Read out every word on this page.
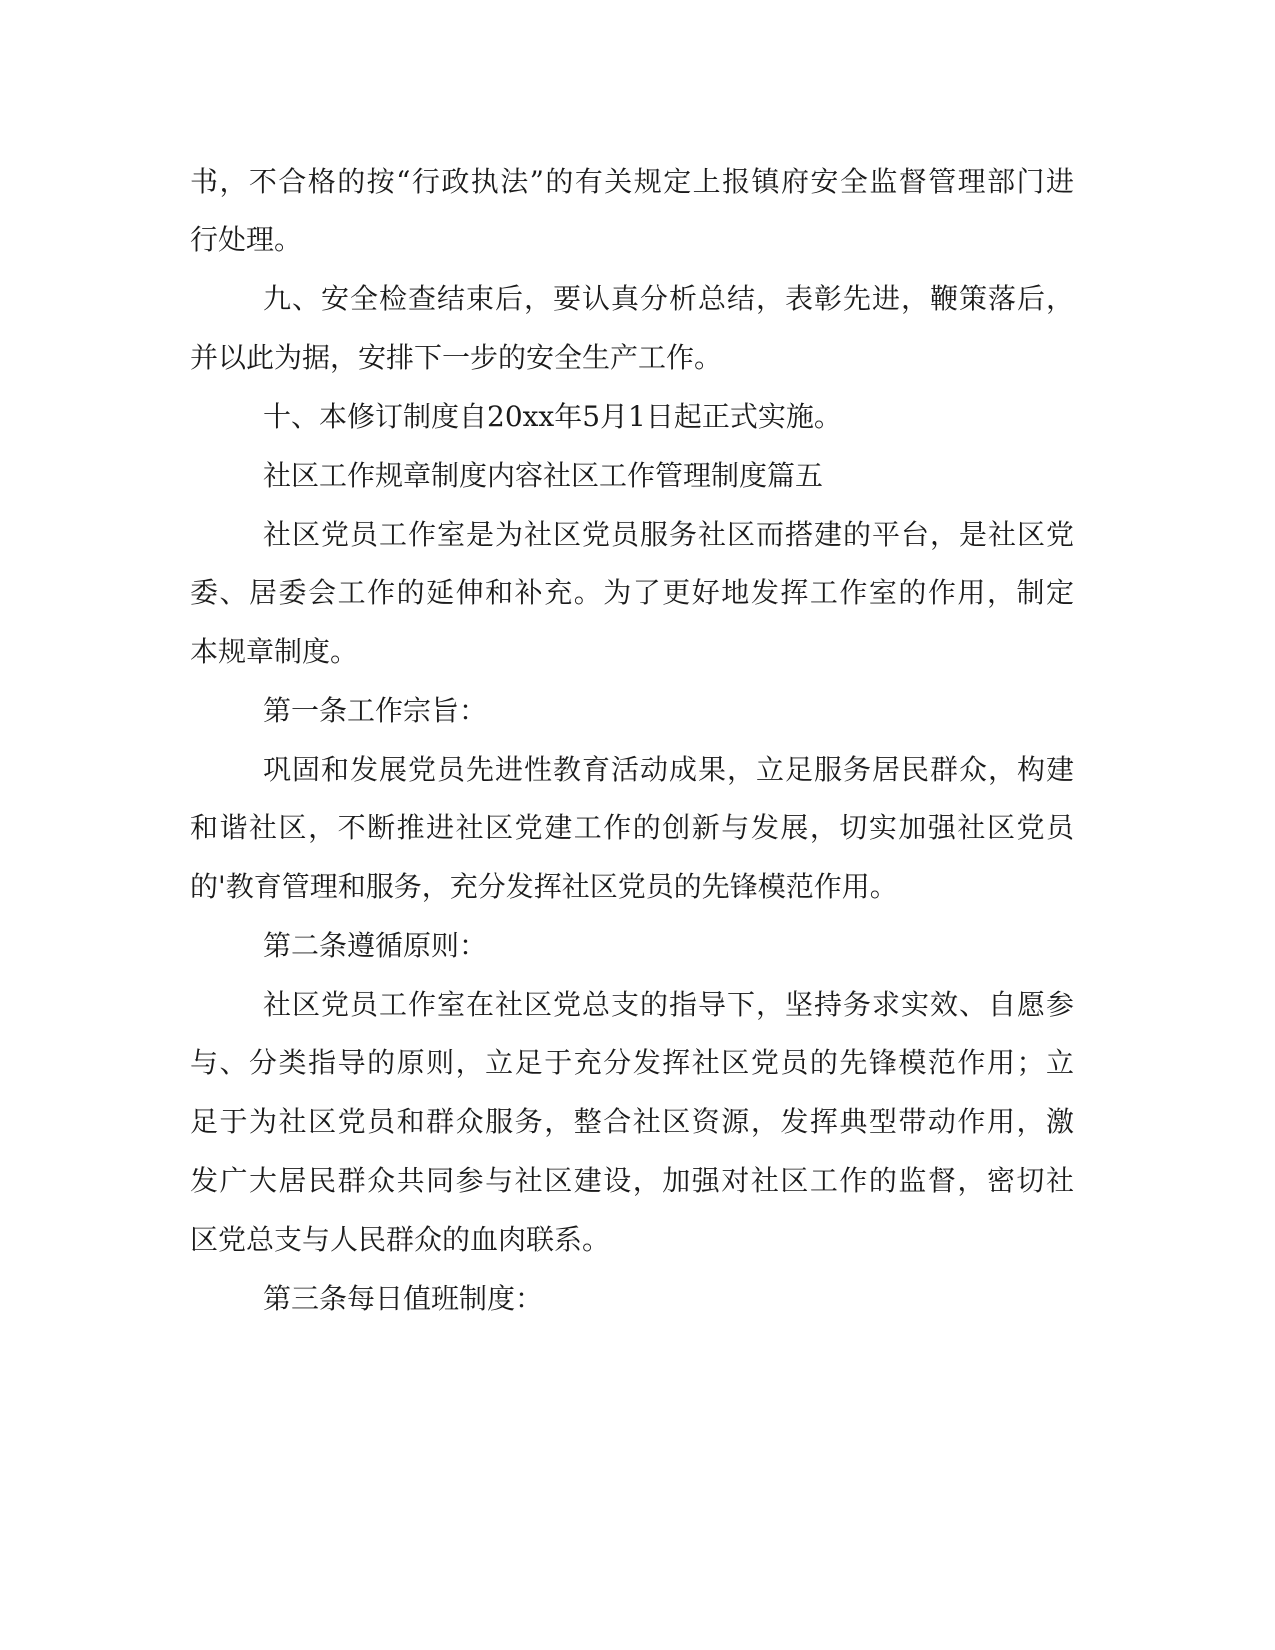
书，不合格的按“行政执法”的有关规定上报镇府安全监督管理部门进
行处理。
九、安全检查结束后，要认真分析总结，表彰先进，鞭策落后，
并以此为据，安排下一步的安全生产工作。
十、本修订制度自20xx年5月1日起正式实施。
社区工作规章制度内容社区工作管理制度篇五
社区党员工作室是为社区党员服务社区而搭建的平台，是社区党
委、居委会工作的延伸和补充。为了更好地发挥工作室的作用，制定
本规章制度。
第一条工作宗旨：
巩固和发展党员先进性教育活动成果，立足服务居民群众，构建
和谐社区，不断推进社区党建工作的创新与发展，切实加强社区党员
的'教育管理和服务，充分发挥社区党员的先锋模范作用。
第二条遵循原则：
社区党员工作室在社区党总支的指导下，坚持务求实效、自愿参
与、分类指导的原则，立足于充分发挥社区党员的先锋模范作用；立
足于为社区党员和群众服务，整合社区资源，发挥典型带动作用，激
发广大居民群众共同参与社区建设，加强对社区工作的监督，密切社
区党总支与人民群众的血肉联系。
第三条每日值班制度：
